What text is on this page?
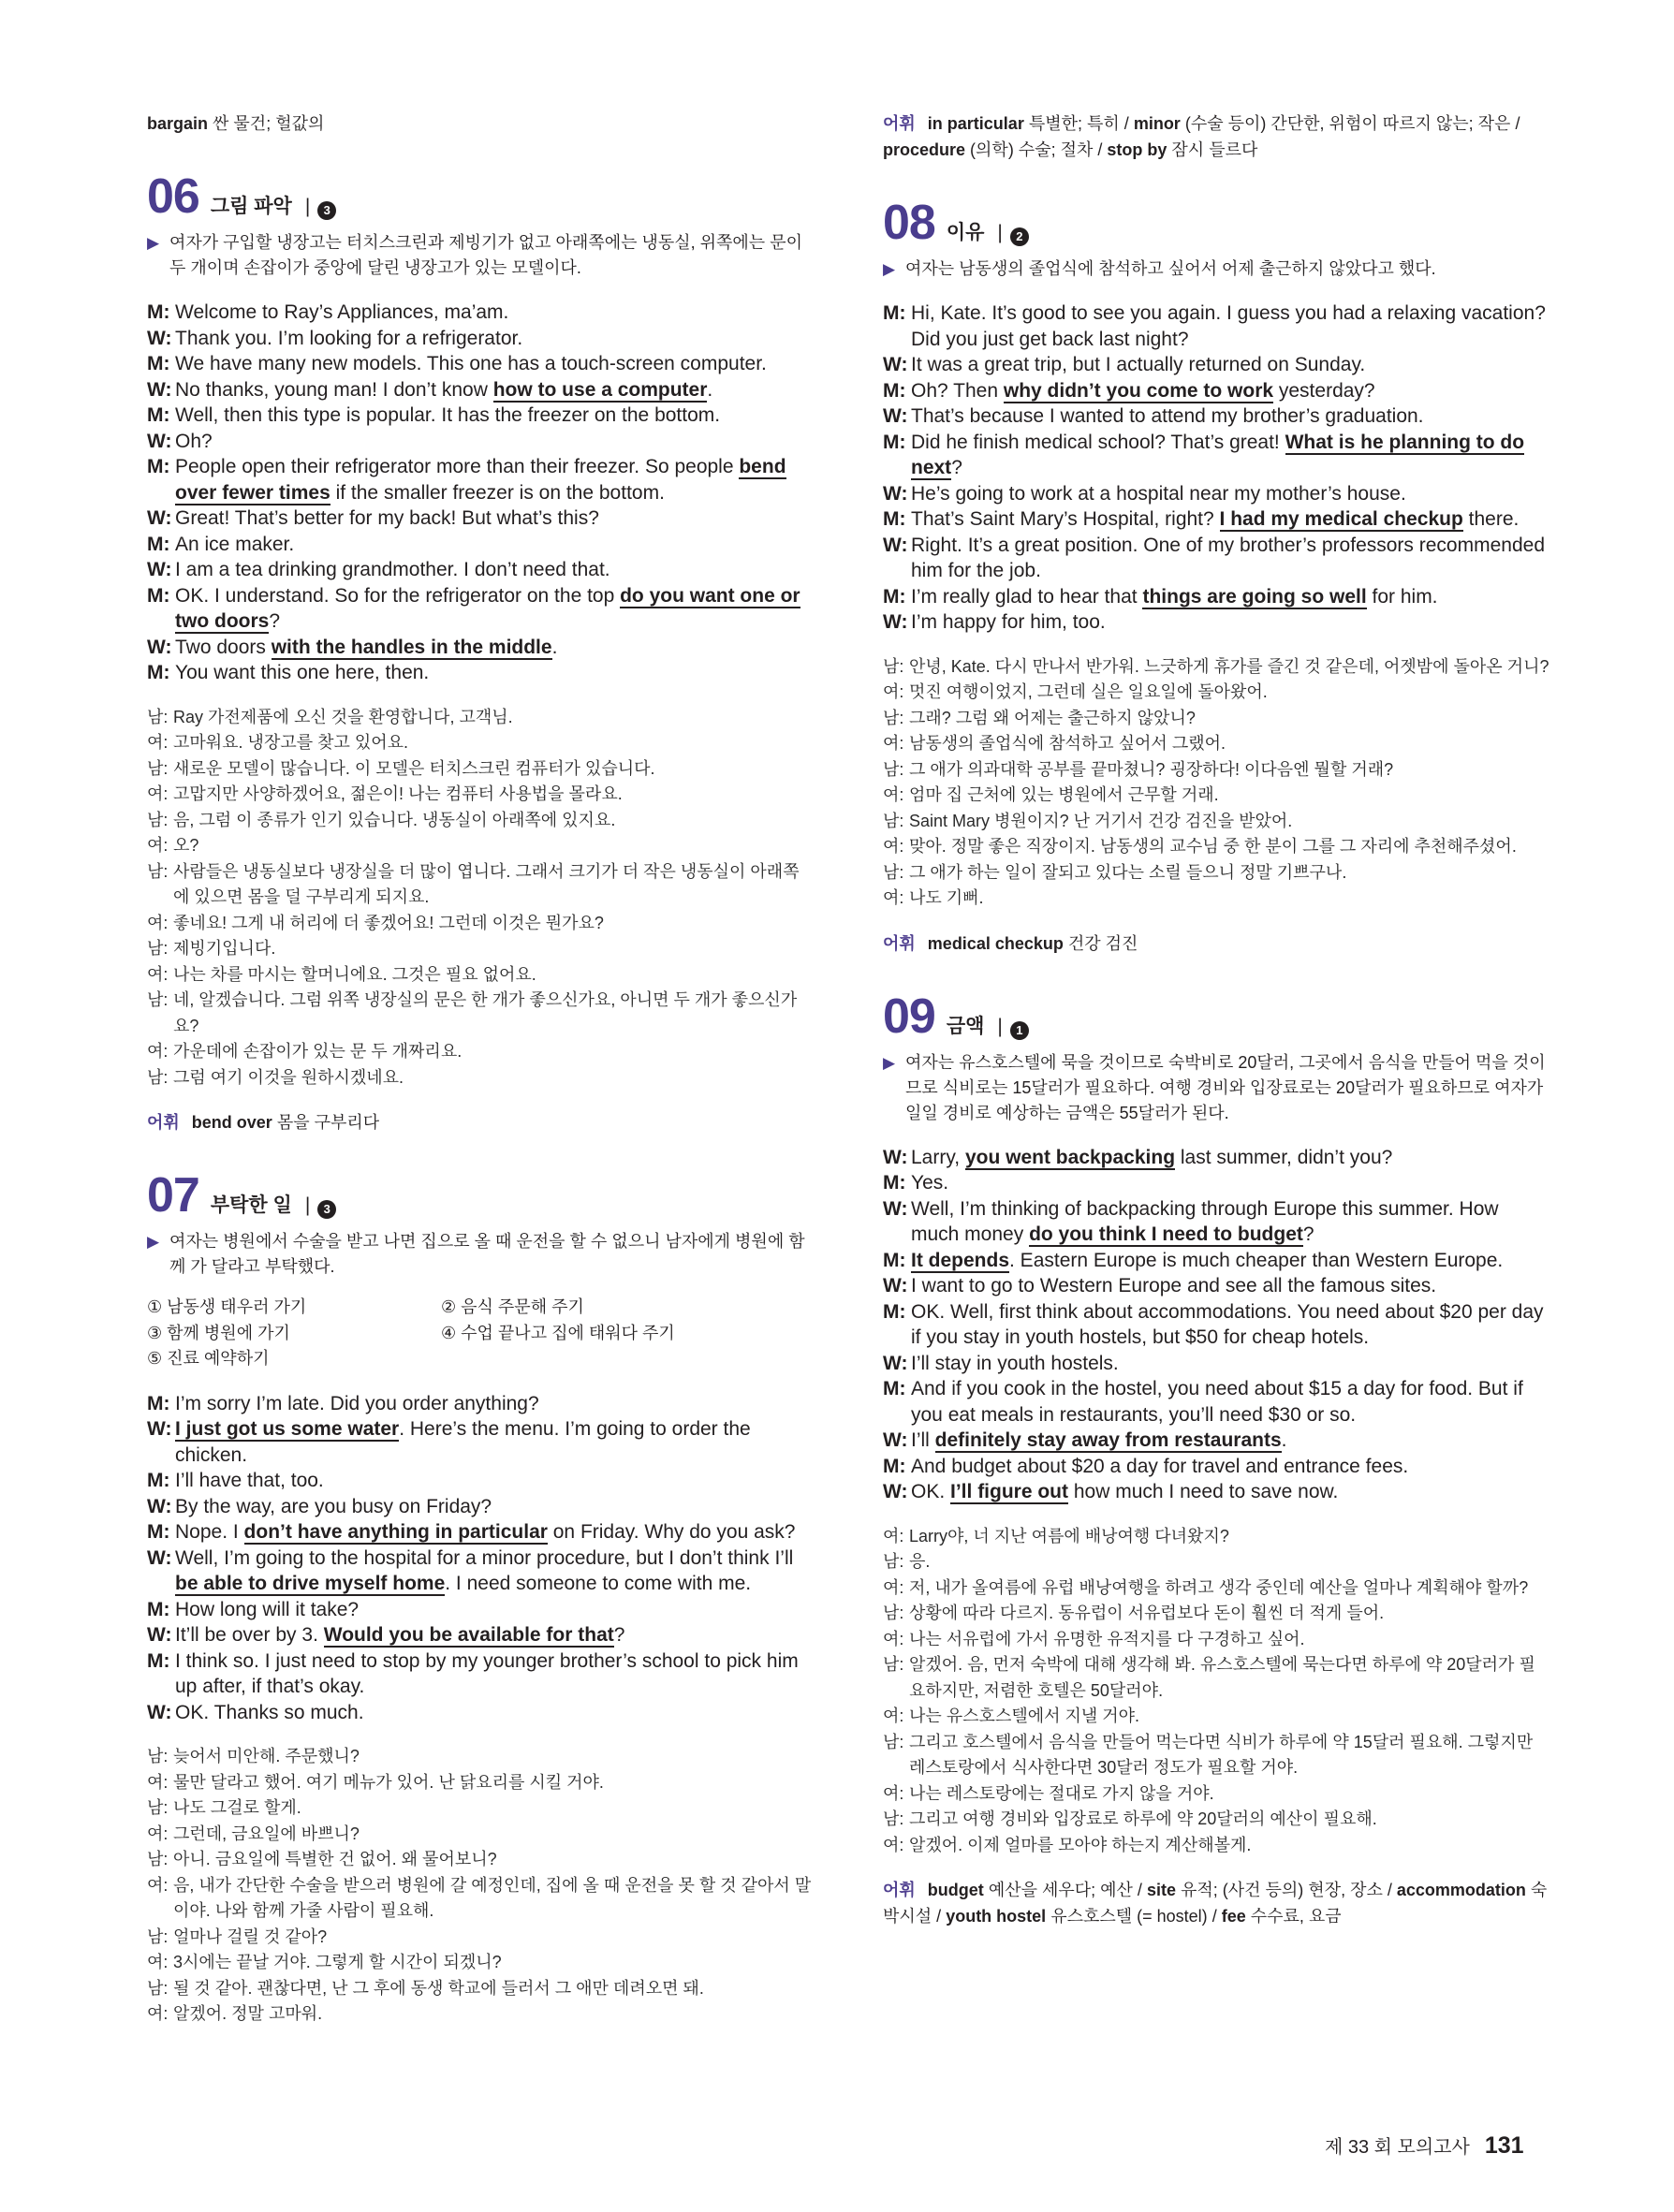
bargain 싼 물건; 헐값의
06 그림 파악 |	3
▶ 여자가 구입할 냉장고는 터치스크린과 제빙기가 없고 아래쪽에는 냉동실, 위쪽에는 문이 두 개이며 손잡이가 중앙에 달린 냉장고가 있는 모델이다.
M: Welcome to Ray’s Appliances, ma’am.
W: Thank you. I’m looking for a refrigerator.
M: We have many new models. This one has a touch-screen computer.
W: No thanks, young man! I don’t know how to use a computer.
M: Well, then this type is popular. It has the freezer on the bottom.
W: Oh?
M: People open their refrigerator more than their freezer. So people bend over fewer times if the smaller freezer is on the bottom.
W: Great! That’s better for my back! But what’s this?
M: An ice maker.
W: I am a tea drinking grandmother. I don’t need that.
M: OK. I understand. So for the refrigerator on the top do you want one or two doors?
W: Two doors with the handles in the middle.
M: You want this one here, then.
남: Ray 가전제품에 오신 것을 환영합니다, 고객님.
여: 고마워요. 냉장고를 찾고 있어요.
남: 새로운 모델이 많습니다. 이 모델은 터치스크린 컴퓨터가 있습니다.
여: 고맙지만 사양하겠어요, 젊은이! 나는 컴퓨터 사용법을 몰라요.
남: 음, 그럼 이 종류가 인기 있습니다. 냉동실이 아래쪽에 있지요.
여: 오?
남: 사람들은 냉동실보다 냉장실을 더 많이 엽니다. 그래서 크기가 더 작은 냉동실이 아래쪽에 있으면 몸을 덜 구부리게 되지요.
여: 좋네요! 그게 내 허리에 더 좋겠어요! 그런데 이것은 뭔가요?
남: 제빙기입니다.
여: 나는 차를 마시는 할머니에요. 그것은 필요 없어요.
남: 네, 알겠습니다. 그럼 위쪽 냉장실의 문은 한 개가 좋으신가요, 아니면 두 개가 좋으신가요?
여: 가운데에 손잡이가 있는 문 두 개짜리요.
남: 그럼 여기 이것을 원하시겠네요.
어휘 bend over 몸을 구부리다
07 부탁한 일 |	3
▶ 여자는 병원에서 수술을 받고 나면 집으로 올 때 운전을 할 수 없으니 남자에게 병원에 함께 가 달라고 부탁했다.
① 남동생 태우러 가기	② 음식 주문해 주기
③ 함께 병원에 가기	④ 수업 끝나고 집에 태워다 주기
⑤ 진료 예약하기
M: I’m sorry I’m late. Did you order anything?
W: I just got us some water. Here’s the menu. I’m going to order the chicken.
M: I’ll have that, too.
W: By the way, are you busy on Friday?
M: Nope. I don’t have anything in particular on Friday. Why do you ask?
W: Well, I’m going to the hospital for a minor procedure, but I don’t think I’ll be able to drive myself home. I need someone to come with me.
M: How long will it take?
W: It’ll be over by 3. Would you be available for that?
M: I think so. I just need to stop by my younger brother’s school to pick him up after, if that’s okay.
W: OK. Thanks so much.
남: 늦어서 미안해. 주문했니?
여: 물만 달라고 했어. 여기 메뉴가 있어. 난 닭요리를 시킬 거야.
남: 나도 그걸로 할게.
여: 그런데, 금요일에 바쁘니?
남: 아니. 금요일에 특별한 건 없어. 왜 물어보니?
여: 음, 내가 간단한 수술을 받으러 병원에 갈 예정인데, 집에 올 때 운전을 못 할 것 같아서 말이야. 나와 함께 가줄 사람이 필요해.
남: 얼마나 걸릴 것 같아?
여: 3시에는 끝날 거야. 그렇게 할 시간이 되겠니?
남: 될 것 같아. 괜찮다면, 난 그 후에 동생 학교에 들러서 그 애만 데려오면 돼.
여: 알겠어. 정말 고마워.
어휘 in particular 특별한; 특히 / minor (수술 등이) 간단한, 위험이 따르지 않는; 작은 / procedure (의학) 수술; 절차 / stop by 잠시 들르다
08 이유 |	2
▶ 여자는 남동생의 졸업식에 참석하고 싶어서 어제 출근하지 않았다고 했다.
M: Hi, Kate. It’s good to see you again. I guess you had a relaxing vacation? Did you just get back last night?
W: It was a great trip, but I actually returned on Sunday.
M: Oh? Then why didn’t you come to work yesterday?
W: That’s because I wanted to attend my brother’s graduation.
M: Did he finish medical school? That’s great! What is he planning to do next?
W: He’s going to work at a hospital near my mother’s house.
M: That’s Saint Mary’s Hospital, right? I had my medical checkup there.
W: Right. It’s a great position. One of my brother’s professors recommended him for the job.
M: I’m really glad to hear that things are going so well for him.
W: I’m happy for him, too.
남: 안녕, Kate. 다시 만나서 반가워. 느긋하게 휴가를 즐긴 것 같은데, 어젯밤에 돌아온 거니?
여: 멋진 여행이었지, 그런데 실은 일요일에 돌아왔어.
남: 그래? 그럼 왜 어제는 출근하지 않았니?
여: 남동생의 졸업식에 참석하고 싶어서 그랬어.
남: 그 애가 의과대학 공부를 끝마쳤니? 굉장하다! 이다음엔 뭘할 거래?
여: 엄마 집 근처에 있는 병원에서 근무할 거래.
남: Saint Mary 병원이지? 난 거기서 건강 검진을 받았어.
여: 맞아. 정말 좋은 직장이지. 남동생의 교수님 중 한 분이 그를 그 자리에 추천해주셨어.
남: 그 애가 하는 일이 잘되고 있다는 소릴 들으니 정말 기쁘구나.
여: 나도 기뻐.
어휘 medical checkup 건강 검진
09 금액 |	1
▶ 여자는 유스호스텔에 묵을 것이므로 숙박비로 20달러, 그곳에서 음식을 만들어 먹을 것이므로 식비로는 15달러가 필요하다. 여행 경비와 입장료로는 20달러가 필요하므로 여자가 일일 경비로 예상하는 금액은 55달러가 된다.
W: Larry, you went backpacking last summer, didn’t you?
M: Yes.
W: Well, I’m thinking of backpacking through Europe this summer. How much money do you think I need to budget?
M: It depends. Eastern Europe is much cheaper than Western Europe.
W: I want to go to Western Europe and see all the famous sites.
M: OK. Well, first think about accommodations. You need about $20 per day if you stay in youth hostels, but $50 for cheap hotels.
W: I’ll stay in youth hostels.
M: And if you cook in the hostel, you need about $15 a day for food. But if you eat meals in restaurants, you’ll need $30 or so.
W: I’ll definitely stay away from restaurants.
M: And budget about $20 a day for travel and entrance fees.
W: OK. I’ll figure out how much I need to save now.
여: Larry야, 너 지난 여름에 배낭여행 다녀왔지?
남: 응.
여: 저, 내가 올여름에 유럽 배낭여행을 하려고 생각 중인데 예산을 얼마나 계획해야 할까?
남: 상황에 따라 다르지. 동유럽이 서유럽보다 돈이 훨씬 더 적게 들어.
여: 나는 서유럽에 가서 유명한 유적지를 다 구경하고 싶어.
남: 알겠어. 음, 먼저 숙박에 대해 생각해 봐. 유스호스텔에 묵는다면 하루에 약 20달러가 필요하지만, 저렴한 호텔은 50달러야.
여: 나는 유스호스텔에서 지낼 거야.
남: 그리고 호스텔에서 음식을 만들어 먹는다면 식비가 하루에 약 15달러 필요해. 그렇지만 레스토랑에서 식사한다면 30달러 정도가 필요할 거야.
여: 나는 레스토랑에는 절대로 가지 않을 거야.
남: 그리고 여행 경비와 입장료로 하루에 약 20달러의 예산이 필요해.
여: 알겠어. 이제 얼마를 모아야 하는지 계산해볼게.
어휘 budget 예산을 세우다; 예산 / site 유적; (사건 등의) 현장, 장소 / accommodation 숙박시설 / youth hostel 유스호스텔 (= hostel) / fee 수수료, 요금
제 33 회 모의고사 131
